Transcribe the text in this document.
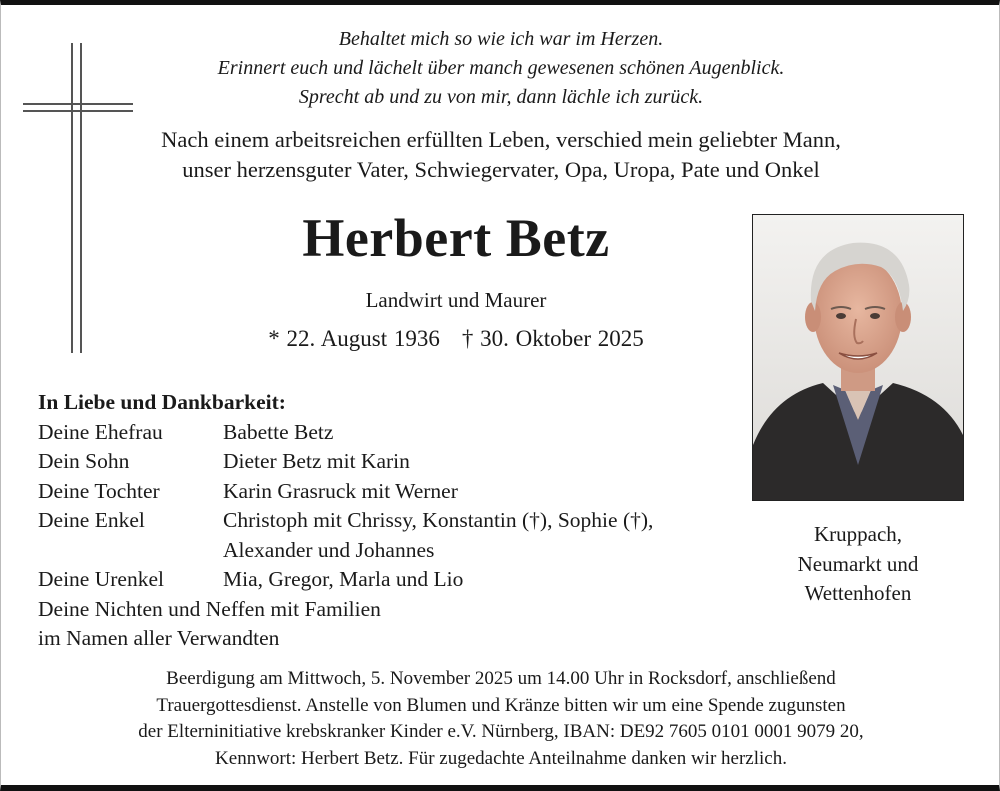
Behaltet mich so wie ich war im Herzen.
Erinnert euch und lächelt über manch gewesenen schönen Augenblick.
Sprecht ab und zu von mir, dann lächle ich zurück.
Nach einem arbeitsreichen erfüllten Leben, verschied mein geliebter Mann,
unser herzensguter Vater, Schwiegervater, Opa, Uropa, Pate und Onkel
Herbert Betz
Landwirt und Maurer
* 22. August 1936 † 30. Oktober 2025
Kruppach,
Neumarkt und
Wettenhofen
In Liebe und Dankbarkeit:
Deine Ehefrau	Babette Betz
Dein Sohn	Dieter Betz mit Karin
Deine Tochter	Karin Grasruck mit Werner
Deine Enkel	Christoph mit Chrissy, Konstantin (†), Sophie (†),
Alexander und Johannes
Deine Urenkel	Mia, Gregor, Marla und Lio
Deine Nichten und Neffen mit Familien
im Namen aller Verwandten
Beerdigung am Mittwoch, 5. November 2025 um 14.00 Uhr in Rocksdorf, anschließend
Trauergottesdienst. Anstelle von Blumen und Kränze bitten wir um eine Spende zugunsten
der Elterninitiative krebskranker Kinder e.V. Nürnberg, IBAN: DE92 7605 0101 0001 9079 20,
Kennwort: Herbert Betz. Für zugedachte Anteilnahme danken wir herzlich.
